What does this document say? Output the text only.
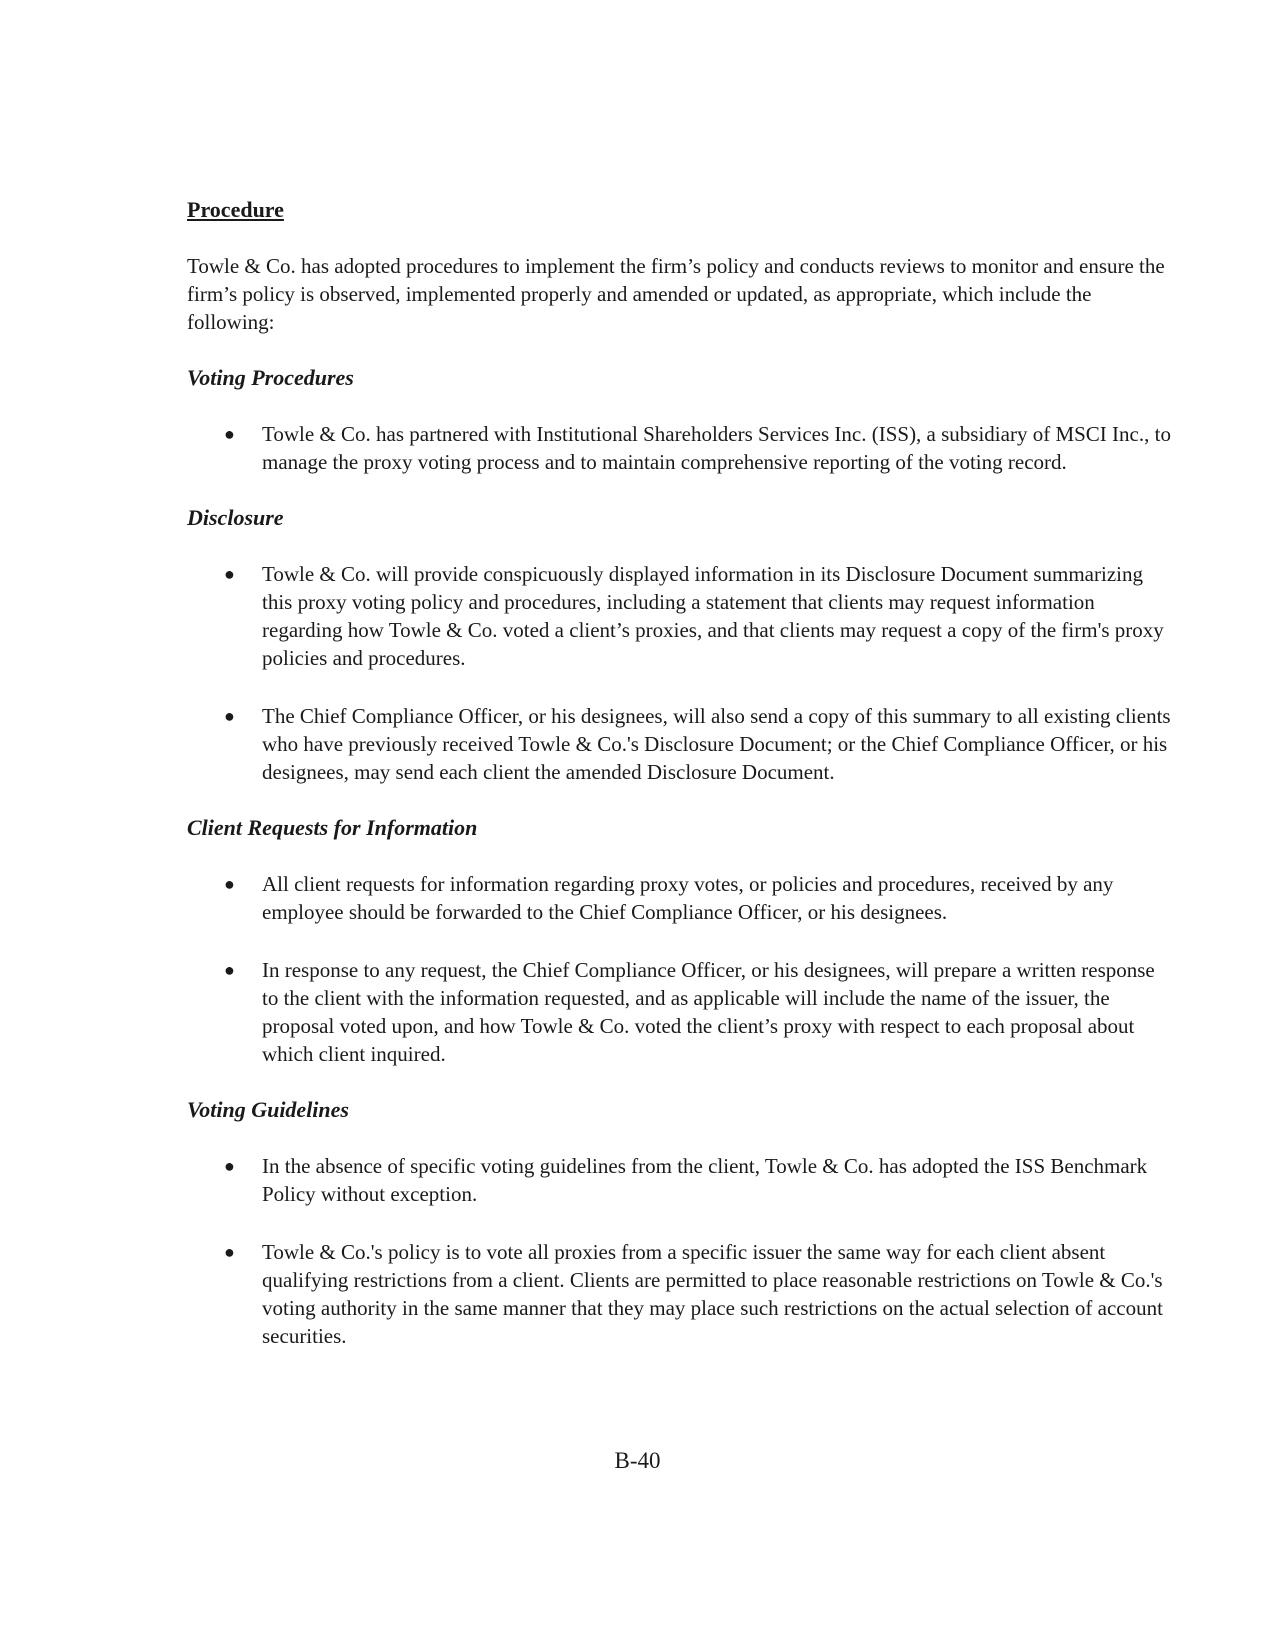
Procedure

Towle & Co. has adopted procedures to implement the firm’s policy and conducts reviews to monitor and ensure the firm’s policy is observed, implemented properly and amended or updated, as appropriate, which include the following:

Voting Procedures
● Towle & Co. has partnered with Institutional Shareholders Services Inc. (ISS), a subsidiary of MSCI Inc., to manage the proxy voting process and to maintain comprehensive reporting of the voting record.
Disclosure
● Towle & Co. will provide conspicuously displayed information in its Disclosure Document summarizing this proxy voting policy and procedures, including a statement that clients may request information regarding how Towle & Co. voted a client’s proxies, and that clients may request a copy of the firm's proxy policies and procedures.
● The Chief Compliance Officer, or his designees, will also send a copy of this summary to all existing clients who have previously received Towle & Co.'s Disclosure Document; or the Chief Compliance Officer, or his designees, may send each client the amended Disclosure Document.
Client Requests for Information
● All client requests for information regarding proxy votes, or policies and procedures, received by any employee should be forwarded to the Chief Compliance Officer, or his designees.
● In response to any request, the Chief Compliance Officer, or his designees, will prepare a written response to the client with the information requested, and as applicable will include the name of the issuer, the proposal voted upon, and how Towle & Co. voted the client’s proxy with respect to each proposal about which client inquired.
Voting Guidelines
● In the absence of specific voting guidelines from the client, Towle & Co. has adopted the ISS Benchmark Policy without exception.
● Towle & Co.'s policy is to vote all proxies from a specific issuer the same way for each client absent qualifying restrictions from a client. Clients are permitted to place reasonable restrictions on Towle & Co.'s voting authority in the same manner that they may place such restrictions on the actual selection of account securities.
B-40
